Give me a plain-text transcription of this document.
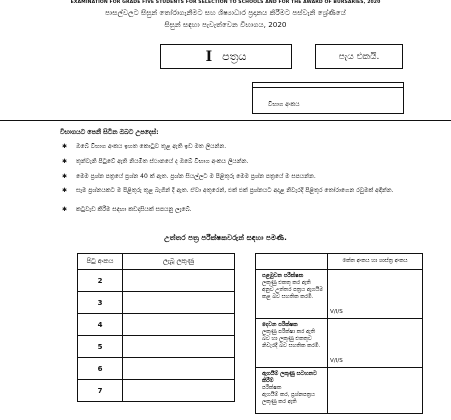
EXAMINATION FOR GRADE FIVE STUDENTS FOR SELECTION TO SCHOOLS AND FOR THE AWARD OF BURSARIES, 2020
පාසල්වලට සිසුන් තෝරාගැනීමට සහ ශිෂ්‍යාධාර ප්‍රදානය කිරීමට පස්වැනි ශ්‍රේණියේ
සිසුන් සඳහා පැවැත්වෙන විභාගය, 2020
I පත්‍රය	පැය එකයි.
විභාග අංකය
විභාගයට පෙනී සිටින ඔබට උපදෙස්:
✱ ඔබේ විභාග අංකය ඉහත කොටුව තුළ ඇති ඉඩ මත ලියන්න.
✱ තුන්වැනි පිටුවේ ඇති නියමිත ස්ථානයේ ද ඔබේ විභාග අංකය ලියන්න.
✱ මෙම ප්‍රශ්න පත්‍රයේ ප්‍රශ්න 40 ක් ඇත. ප්‍රශ්න සියල්ලට ම පිළිතුරු මෙම ප්‍රශ්න පත්‍රයේ ම සපයන්න.
✱ සෑම ප්‍රශ්නයකට ම පිළිතුරු තුළ බැගින් දී ඇත. ඒවා අතුරෙන්, එක් එක් ප්‍රශ්නයට අදාළ නිවැරදි පිළිතුර තෝරාගෙන රවුමක් අඳින්න.
✱ කටුවැඩ කිරීම සඳහා කඩදාසියක් සපයනු ලැබේ.
උත්තර පත්‍ර පරීක්ෂකවරුන් සඳහා පමණි.
පිටු අංකය	ලැබූ ලකුණු
2	
3	
4	
5	
6	
7	
	කේත අංකය හා ශාස්ත්‍ර අංකය

පළමුවන පරීක්ෂක
ලකුණු එකතු කර ඇති
අනුව උත්තර පත්‍රය ඇගයීම
කළ බව සහතික කරමි.	V/I/S

දෙවන පරීක්ෂක
ලකුණු පරීක්ෂා කර ඇති
බව හා ලකුණු එකතුව
නිවැරදි බව සහතික කරමි.	V/I/S

ඇගයීම් ලකුණු සටහනට කිරීම්
පරීක්ෂක
ඇගයීම් කර, ප්‍රශ්නපත්‍රය
ලකුණු කර ඇති	
